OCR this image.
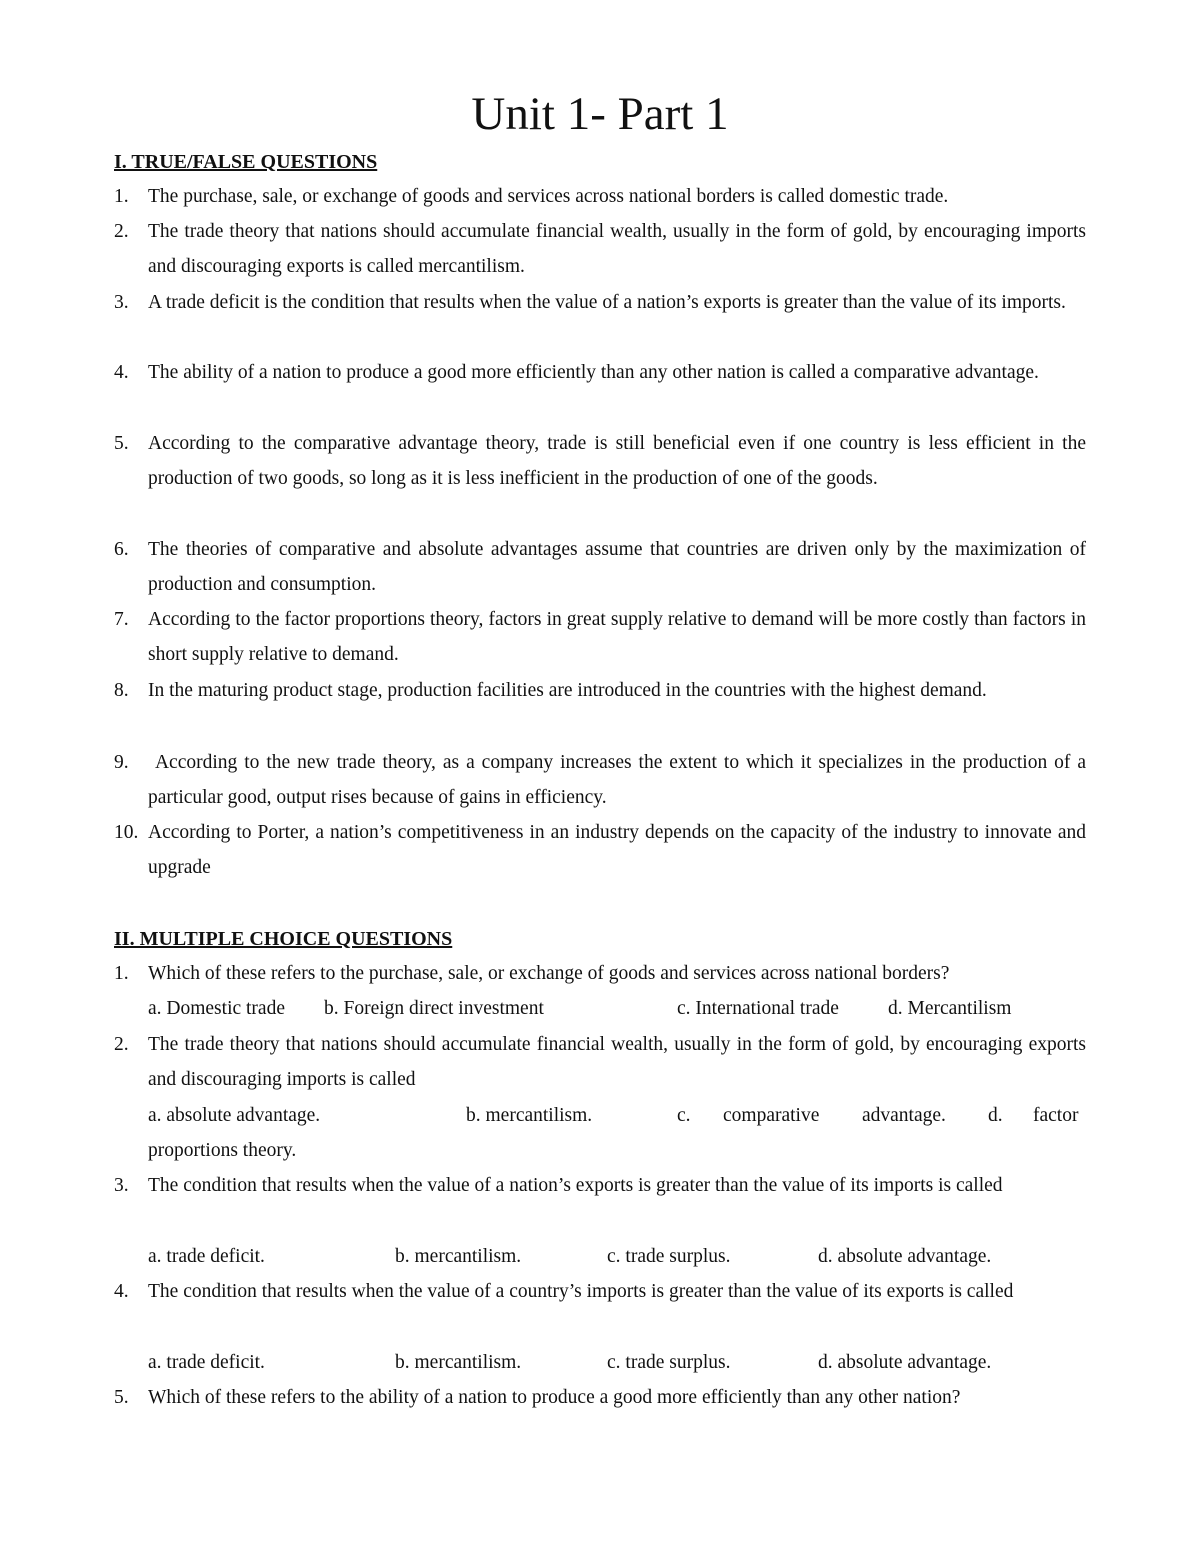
Unit 1- Part 1
I. TRUE/FALSE QUESTIONS
1. The purchase, sale, or exchange of goods and services across national borders is called domestic trade.
2. The trade theory that nations should accumulate financial wealth, usually in the form of gold, by encouraging imports and discouraging exports is called mercantilism.
3. A trade deficit is the condition that results when the value of a nation’s exports is greater than the value of its imports.
4. The ability of a nation to produce a good more efficiently than any other nation is called a comparative advantage.
5. According to the comparative advantage theory, trade is still beneficial even if one country is less efficient in the production of two goods, so long as it is less inefficient in the production of one of the goods.
6. The theories of comparative and absolute advantages assume that countries are driven only by the maximization of production and consumption.
7. According to the factor proportions theory, factors in great supply relative to demand will be more costly than factors in short supply relative to demand.
8. In the maturing product stage, production facilities are introduced in the countries with the highest demand.
9. According to the new trade theory, as a company increases the extent to which it specializes in the production of a particular good, output rises because of gains in efficiency.
10. According to Porter, a nation’s competitiveness in an industry depends on the capacity of the industry to innovate and upgrade
II. MULTIPLE CHOICE QUESTIONS
1. Which of these refers to the purchase, sale, or exchange of goods and services across national borders?
a. Domestic trade b. Foreign direct investment	c. International trade	d. Mercantilism
2. The trade theory that nations should accumulate financial wealth, usually in the form of gold, by encouraging exports and discouraging imports is called
a. absolute advantage.	b. mercantilism.	c. comparative advantage. d. factor
proportions theory.
3. The condition that results when the value of a nation’s exports is greater than the value of its imports is called
a. trade deficit.	b. mercantilism.	c. trade surplus.	d. absolute advantage.
4. The condition that results when the value of a country’s imports is greater than the value of its exports is called
a. trade deficit.	b. mercantilism.	c. trade surplus.	d. absolute advantage.
5. Which of these refers to the ability of a nation to produce a good more efficiently than any other nation?
